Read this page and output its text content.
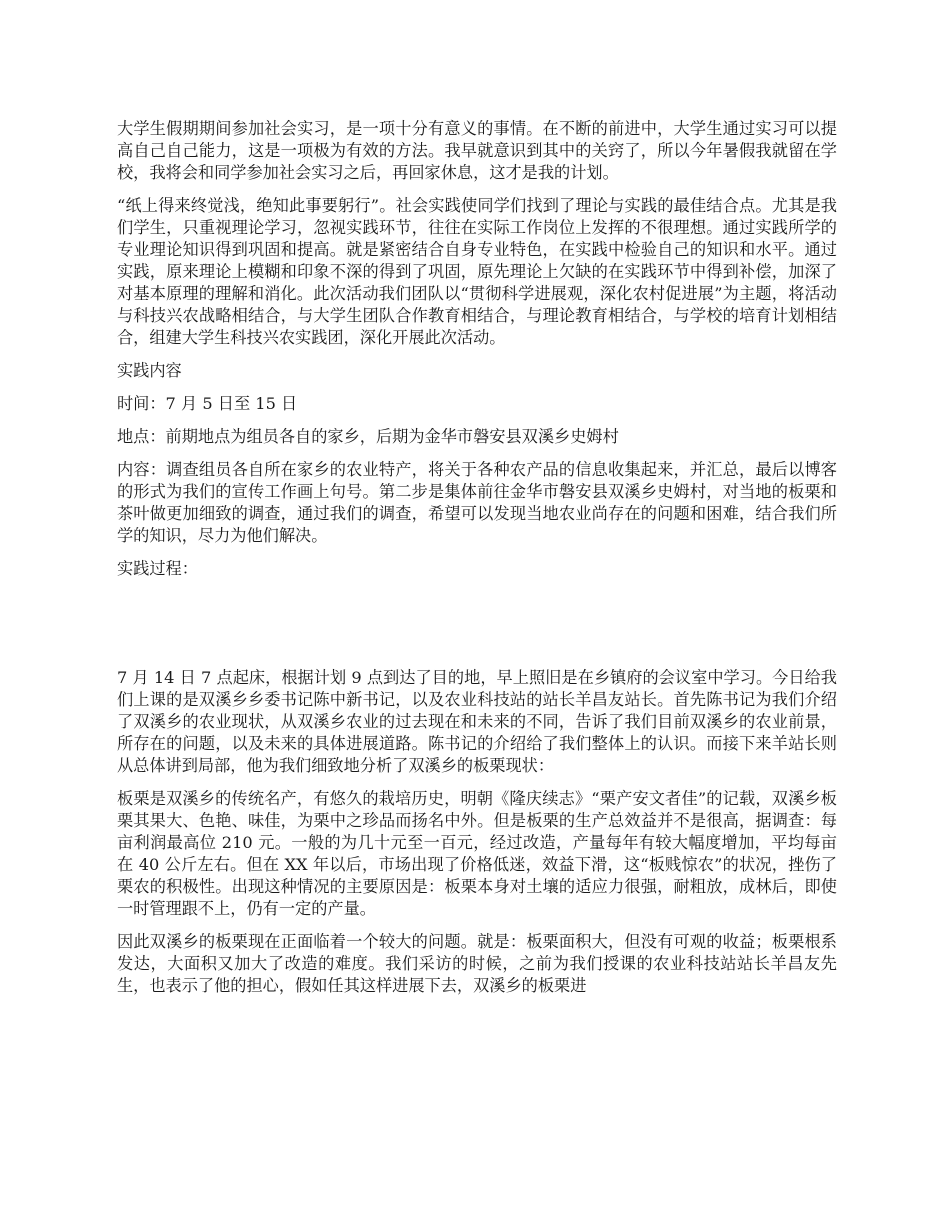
大学生假期期间参加社会实习，是一项十分有意义的事情。在不断的前进中，大学生通过实习可以提高自己自己能力，这是一项极为有效的方法。我早就意识到其中的关窍了，所以今年暑假我就留在学校，我将会和同学参加社会实习之后，再回家休息，这才是我的计划。

“纸上得来终觉浅，绝知此事要躬行”。社会实践使同学们找到了理论与实践的最佳结合点。尤其是我们学生，只重视理论学习，忽视实践环节，往往在实际工作岗位上发挥的不很理想。通过实践所学的专业理论知识得到巩固和提高。就是紧密结合自身专业特色，在实践中检验自己的知识和水平。通过实践，原来理论上模糊和印象不深的得到了巩固，原先理论上欠缺的在实践环节中得到补偿，加深了对基本原理的理解和消化。此次活动我们团队以“贯彻科学进展观，深化农村促进展”为主题，将活动与科技兴农战略相结合，与大学生团队合作教育相结合，与理论教育相结合，与学校的培育计划相结合，组建大学生科技兴农实践团，深化开展此次活动。

实践内容

时间：7 月 5 日至 15 日

地点：前期地点为组员各自的家乡，后期为金华市磐安县双溪乡史姆村

内容：调查组员各自所在家乡的农业特产，将关于各种农产品的信息收集起来，并汇总，最后以博客的形式为我们的宣传工作画上句号。第二步是集体前往金华市磐安县双溪乡史姆村，对当地的板栗和茶叶做更加细致的调查，通过我们的调查，希望可以发现当地农业尚存在的问题和困难，结合我们所学的知识，尽力为他们解决。

实践过程：

7 月 14 日 7 点起床，根据计划 9 点到达了目的地，早上照旧是在乡镇府的会议室中学习。今日给我们上课的是双溪乡乡委书记陈中新书记，以及农业科技站的站长羊昌友站长。首先陈书记为我们介绍了双溪乡的农业现状，从双溪乡农业的过去现在和未来的不同，告诉了我们目前双溪乡的农业前景，所存在的问题，以及未来的具体进展道路。陈书记的介绍给了我们整体上的认识。而接下来羊站长则从总体讲到局部，他为我们细致地分析了双溪乡的板栗现状：

板栗是双溪乡的传统名产，有悠久的栽培历史，明朝《隆庆续志》“栗产安文者佳”的记载，双溪乡板栗其果大、色艳、味佳，为栗中之珍品而扬名中外。但是板栗的生产总效益并不是很高，据调查：每亩利润最高位 210 元。一般的为几十元至一百元，经过改造，产量每年有较大幅度增加，平均每亩在 40 公斤左右。但在 XX 年以后，市场出现了价格低迷，效益下滑，这“板贱惊农”的状况，挫伤了栗农的积极性。出现这种情况的主要原因是：板栗本身对土壤的适应力很强，耐粗放，成林后，即使一时管理跟不上，仍有一定的产量。

因此双溪乡的板栗现在正面临着一个较大的问题。就是：板栗面积大，但没有可观的收益；板栗根系发达，大面积又加大了改造的难度。我们采访的时候，之前为我们授课的农业科技站站长羊昌友先生，也表示了他的担心，假如任其这样进展下去，双溪乡的板栗进
